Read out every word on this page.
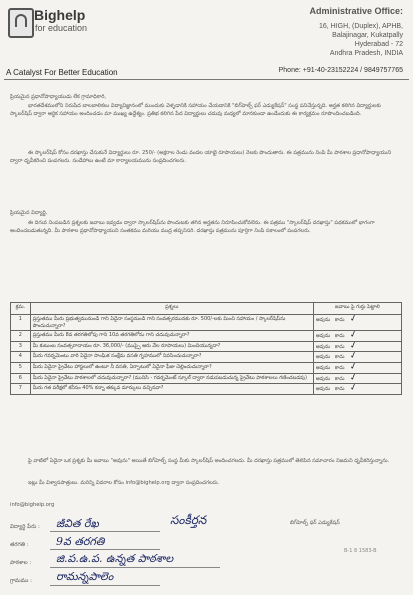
Bighelp
for education
A Catalyst For Better Education
Administrative Office:
16, HIGH, (Duplex), APHB,
Balajinagar, Kukatpally
Hyderabad - 72
Andhra Pradesh, INDIA
Phone: +91-40-23152224 / 9849757765
ప్రియమైన ప్రధానోపాధ్యాయుడు లేక గ్రామాధికారి,
భారతదేశములోని నిరుపేద బాలబాలికలు విద్యావిజ్ఞానంలో ముందుకు వెళ్ళడానికి సహాయం చేయడానికి "బిగ్‌హెల్ప్ ఫర్ ఎడ్యుకేషన్" సంస్థ పనిచేస్తున్నది. అర్హత కలిగిన విద్యార్థులకు స్కాలర్‌షిప్ ద్వారా ఆర్థిక సహాయం అందించడం మా ముఖ్య ఉద్దేశ్యం. ప్రతిభ కలిగిన పేద విద్యార్థులు చదువు మధ్యలో మానకుండా ఉండేందుకు ఈ కార్యక్రమం రూపొందించబడింది.
ఈ స్కాలర్‌షిప్ కోసం దరఖాస్తు చేసుకునే విద్యార్థులు రూ. 250/- (అక్షరాల రెండు వందల యాభై రూపాయలు) నెలకు పొందుతారు. ఈ పత్రమును నింపి మీ పాఠశాల ప్రధానోపాధ్యాయుని ద్వారా ధృవీకరించి పంపగలరు. సందేహాలు ఉంటే మా కార్యాలయమును సంప్రదించగలరు.
ప్రియమైన విద్యార్థి,
ఈ దిగువ నింపబడిన ప్రశ్నలకు జవాబు ఇవ్వడం ద్వారా స్కాలర్‌షిప్‌ను పొందుటకు తగిన అర్హతను నిరూపించుకోవలెను. ఈ పత్రము "స్కాలర్‌షిప్ దరఖాస్తు" పథకములో భాగంగా అందించబడుతున్నది. మీ పాఠశాల ప్రధానోపాధ్యాయుని సంతకము మరియు ముద్ర తప్పనిసరి. దరఖాస్తు పత్రమును పూర్తిగా నింపి సకాలంలో పంపగలరు.
క్రమ.	ప్రశ్నలు	జవాబు పై గుర్తు పెట్టాలి
1	ప్రస్తుతము మీరు ప్రభుత్వమునుండి గాని ఏదైనా సంస్థనుండి గాని సంవత్సరమునకు రూ. 500/-లకు మించి సహాయం / స్కాలర్‌షిప్‌ను పొందుచున్నారా?	అవును కాదు ✓
2	ప్రస్తుతము మీరు 8వ తరగతిలోపు గాని 10వ తరగతిలోను గాని చదువుచున్నారా?	అవును కాదు ✓
3	మీ కుటుంబ సంవత్సరాదాయం రూ. 36,000/- (ముప్పై ఆరు వేల రూపాయలు) మించియున్నదా?	అవును కాదు ✓
4	మీరు గవర్నమెంటు వారి ఏదైనా సాంఘిక సంక్షేమ వసతి గృహములో నివసించుచున్నారా?	అవును కాదు ✓
5	మీరు ఏదైనా ప్రైవేటు హాస్టలులో ఉంటూ నీ వసతి, ఏర్పాటులో ఏదైనా ఫీజు చెల్లించుచున్నారా?	అవును కాదు ✓
6	మీరు ఏదైనా ప్రైవేటు పాఠశాలలో చదువుచున్నారా? (మునిసి - గవర్నమెంట్ స్కూల్ ద్వారా నడుపబడుచున్న ప్రైవేటు పాఠశాలలు గణించబడవు)	అవును కాదు ✓
7	మీరు గత పరీక్షలో కనీసం 40% కన్నా తక్కువ మార్కులు వచ్చినవా?	అవును కాదు ✓
పై వాటిలో ఏదైనా ఒక ప్రశ్నకు మీ జవాబు "అవును" అయితే బిగ్‌హెల్ప్ సంస్థ మీకు స్కాలర్‌షిప్ అందించగలదు. మీ దరఖాస్తు పత్రములో తెలిపిన సమాచారం నిజమని ధృవీకరిస్తున్నాను.
ఇట్లు మీ విశ్వాసపాత్రులు. మరిన్ని వివరాల కోసం info@bighelp.org ద్వారా సంప్రదించగలరు.
info@bighelp.org
బిగ్‌హెల్ప్ ఫర్ ఎడ్యుకేషన్
విద్యార్థి పేరు : జీవిత రేఖ	సంకీర్తన
తరగతి : 9వ తరగతి
పాఠశాల : జి.ప.ఉ.ప. ఉన్నత పాఠశాల
గ్రామము : రామన్నపాలెం
B-1 8 1583-B
